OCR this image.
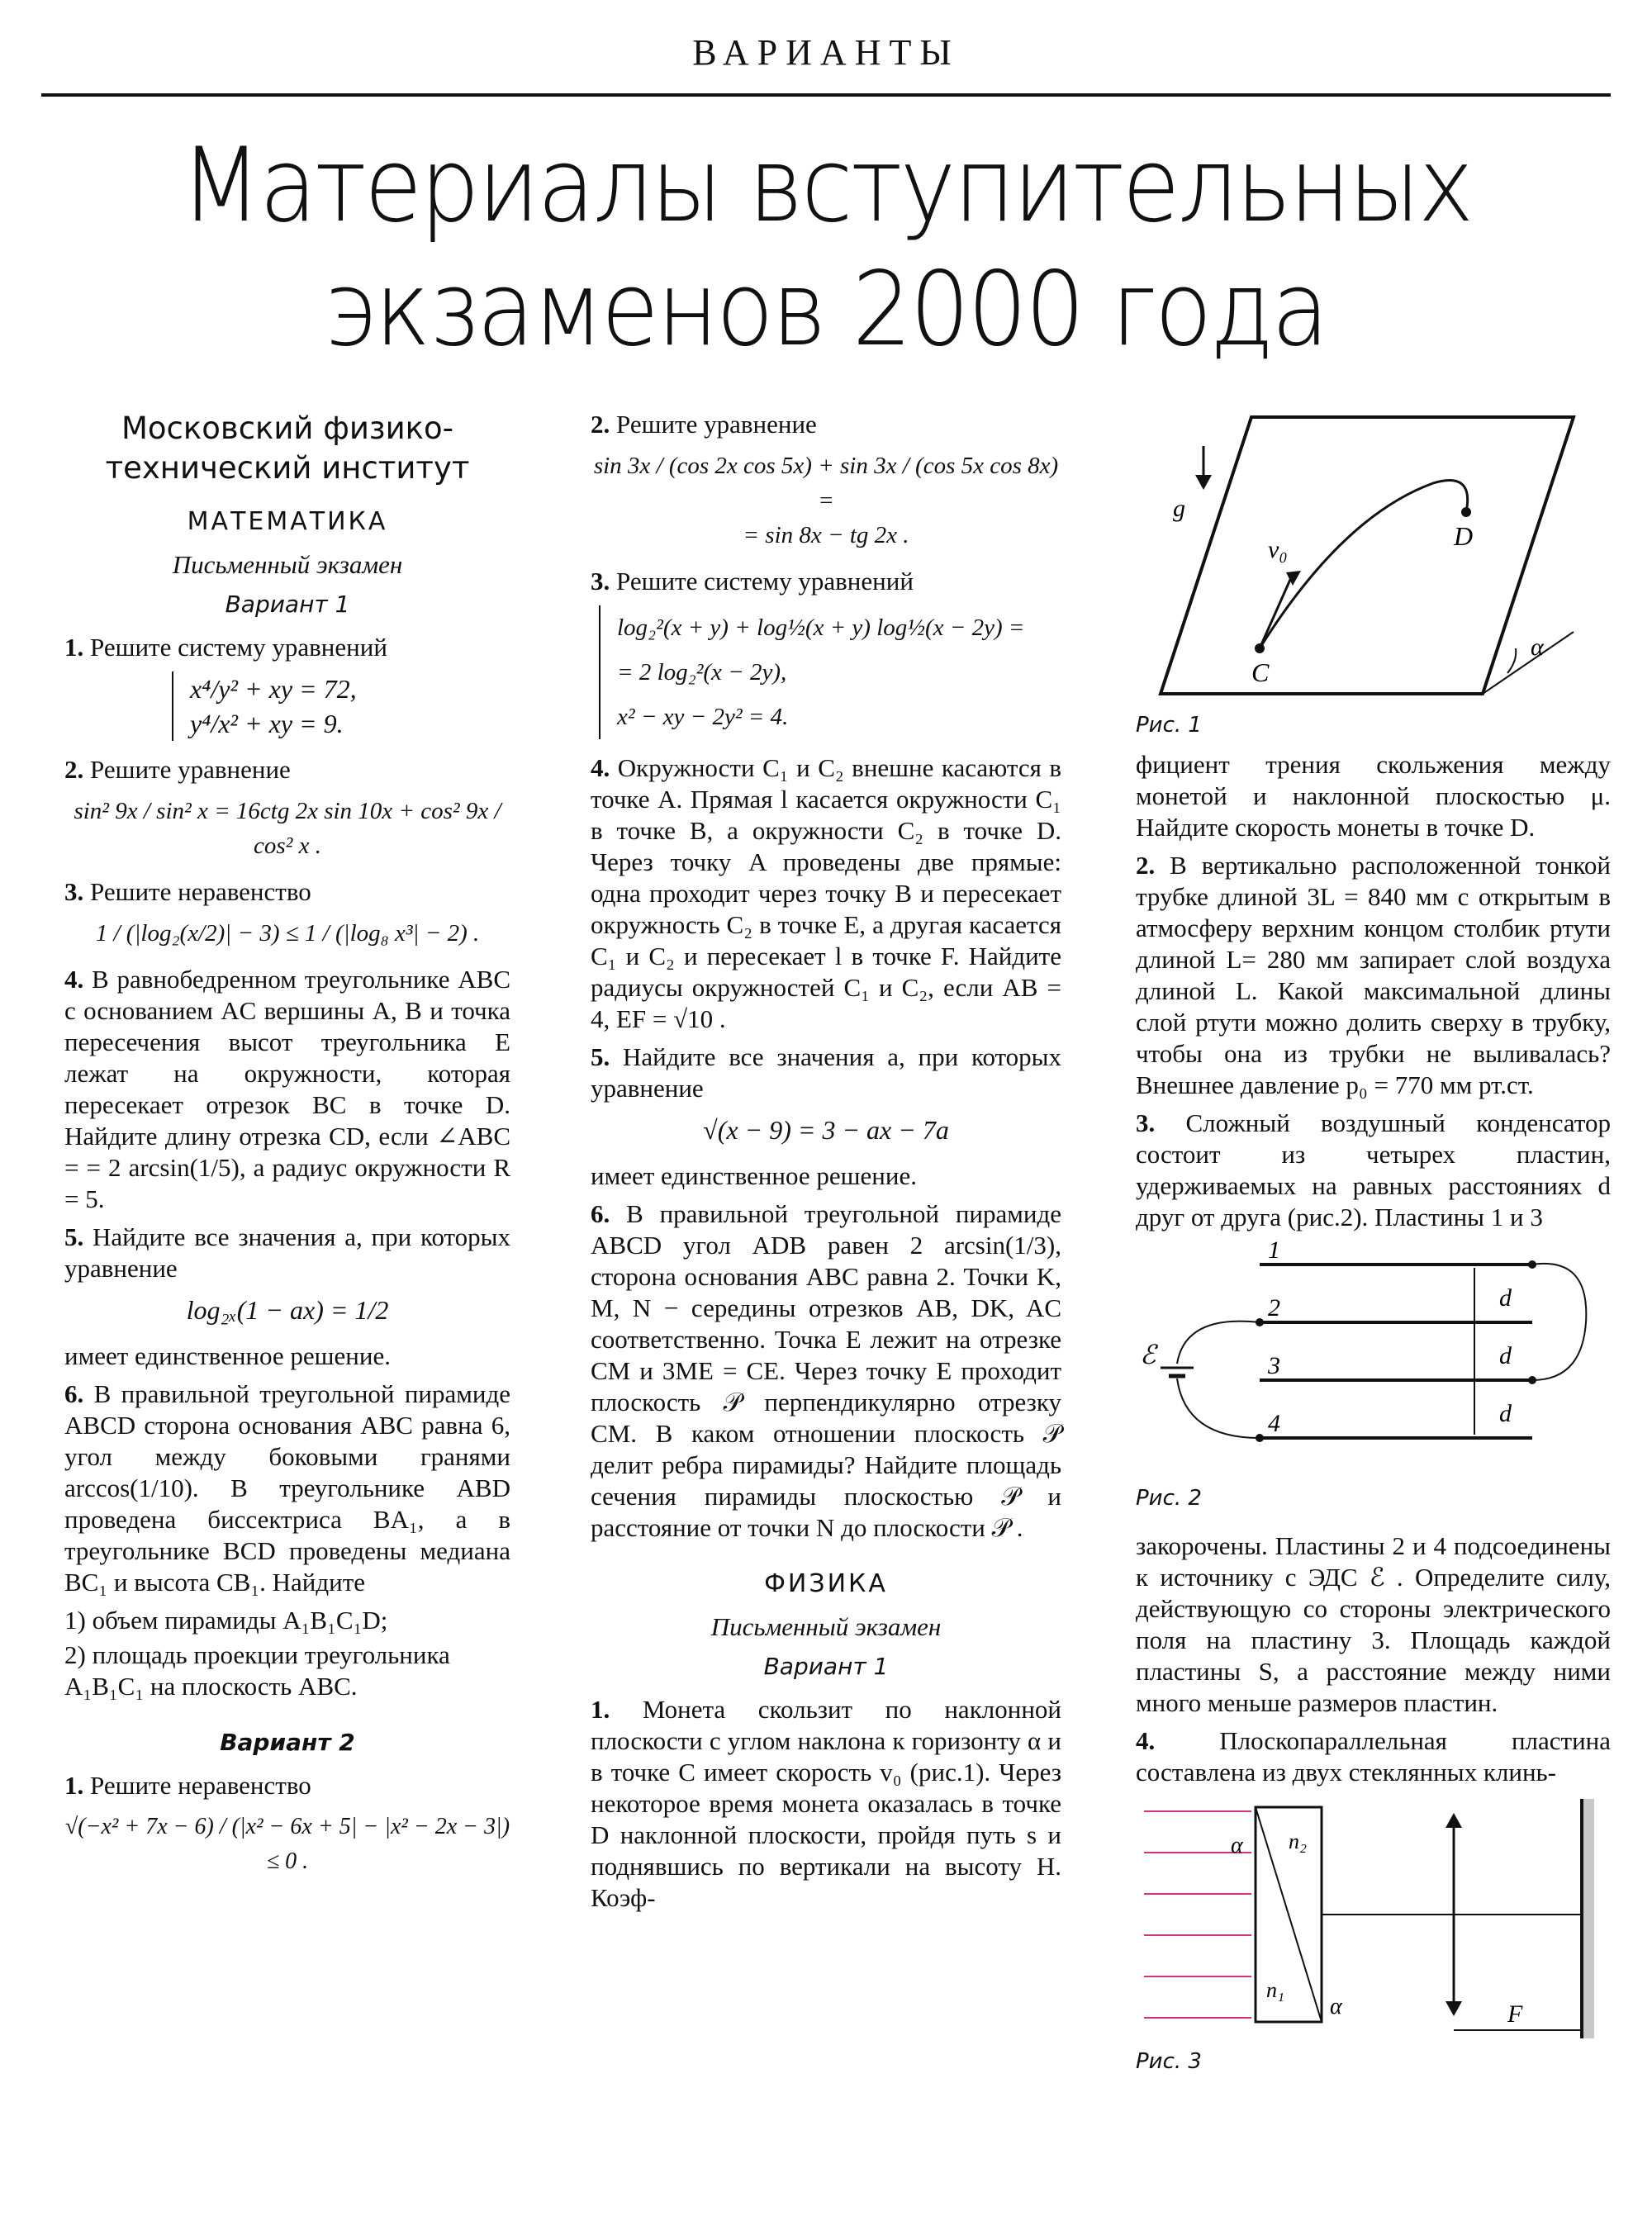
ВАРИАНТЫ
Материалы вступительных
экзаменов 2000 года
Московский физико-
технический институт
МАТЕМАТИКА
Письменный экзамен
Вариант 1
1. Решите систему уравнений
x⁴/y² + xy = 72,
y⁴/x² + xy = 9.
2. Решите уравнение
sin² 9x / sin² x = 16ctg 2x sin 10x + cos² 9x / cos² x .
3. Решите неравенство
1 / (|log₂(x/2)| − 3) ≤ 1 / (|log₈ x³| − 2) .
4. В равнобедренном треугольнике ABC с основанием AC вершины A, B и точка пересечения высот треугольника E лежат на окружности, которая пересекает отрезок BC в точке D. Найдите длину отрезка CD, если ∠ABC = = 2 arcsin(1/5), а радиус окружности R = 5.
5. Найдите все значения a, при которых уравнение
log₂ₓ(1 − ax) = 1/2
имеет единственное решение.
6. В правильной треугольной пирамиде ABCD сторона основания ABC равна 6, угол между боковыми гранями arccos(1/10). В треугольнике ABD проведена биссектриса BA₁, а в треугольнике BCD проведены медиана BC₁ и высота CB₁. Найдите
1) объем пирамиды A₁B₁C₁D;
2) площадь проекции треугольника A₁B₁C₁ на плоскость ABC.
Вариант 2
1. Решите неравенство
√(−x² + 7x − 6) / (|x² − 6x + 5| − |x² − 2x − 3|) ≤ 0 .
2. Решите уравнение
sin 3x / (cos 2x cos 5x) + sin 3x / (cos 5x cos 8x) =
= sin 8x − tg 2x .
3. Решите систему уравнений
log₂²(x + y) + log½(x + y) log½(x − 2y) =
= 2 log₂²(x − 2y),
x² − xy − 2y² = 4.
4. Окружности C₁ и C₂ внешне касаются в точке A. Прямая l касается окружности C₁ в точке B, а окружности C₂ в точке D. Через точку A проведены две прямые: одна проходит через точку B и пересекает окружность C₂ в точке E, а другая касается C₁ и C₂ и пересекает l в точке F. Найдите радиусы окружностей C₁ и C₂, если AB = 4, EF = √10 .
5. Найдите все значения a, при которых уравнение
√(x − 9) = 3 − ax − 7a
имеет единственное решение.
6. В правильной треугольной пирамиде ABCD угол ADB равен 2 arcsin(1/3), сторона основания ABC равна 2. Точки K, M, N − середины отрезков AB, DK, AC соответственно. Точка E лежит на отрезке CM и 3ME = CE. Через точку E проходит плоскость 𝒫 перпендикулярно отрезку CM. В каком отношении плоскость 𝒫 делит ребра пирамиды? Найдите площадь сечения пирамиды плоскостью 𝒫 и расстояние от точки N до плоскости 𝒫 .
ФИЗИКА
Письменный экзамен
Вариант 1
1. Монета скользит по наклонной плоскости с углом наклона к горизонту α и в точке C имеет скорость v₀ (рис.1). Через некоторое время монета оказалась в точке D наклонной плоскости, пройдя путь s и поднявшись по вертикали на высоту H. Коэф-
α
g
C
D
v₀
Рис. 1
фициент трения скольжения между монетой и наклонной плоскостью μ. Найдите скорость монеты в точке D.
2. В вертикально расположенной тонкой трубке длиной 3L = 840 мм с открытым в атмосферу верхним концом столбик ртути длиной L= 280 мм запирает слой воздуха длиной L. Какой максимальной длины слой ртути можно долить сверху в трубку, чтобы она из трубки не выливалась? Внешнее давление p₀ = 770 мм рт.ст.
3. Сложный воздушный конденсатор состоит из четырех пластин, удерживаемых на равных расстояниях d друг от друга (рис.2). Пластины 1 и 3
1
2
3
4
d
d
d
ℰ
Рис. 2
закорочены. Пластины 2 и 4 подсоединены к источнику с ЭДС ℰ . Определите силу, действующую со стороны электрического поля на пластину 3. Площадь каждой пластины S, а расстояние между ними много меньше размеров пластин.
4.	Плоскопараллельная пластина составлена из двух стеклянных клинь-
F
n₂
n₁
α
α
Рис. 3
